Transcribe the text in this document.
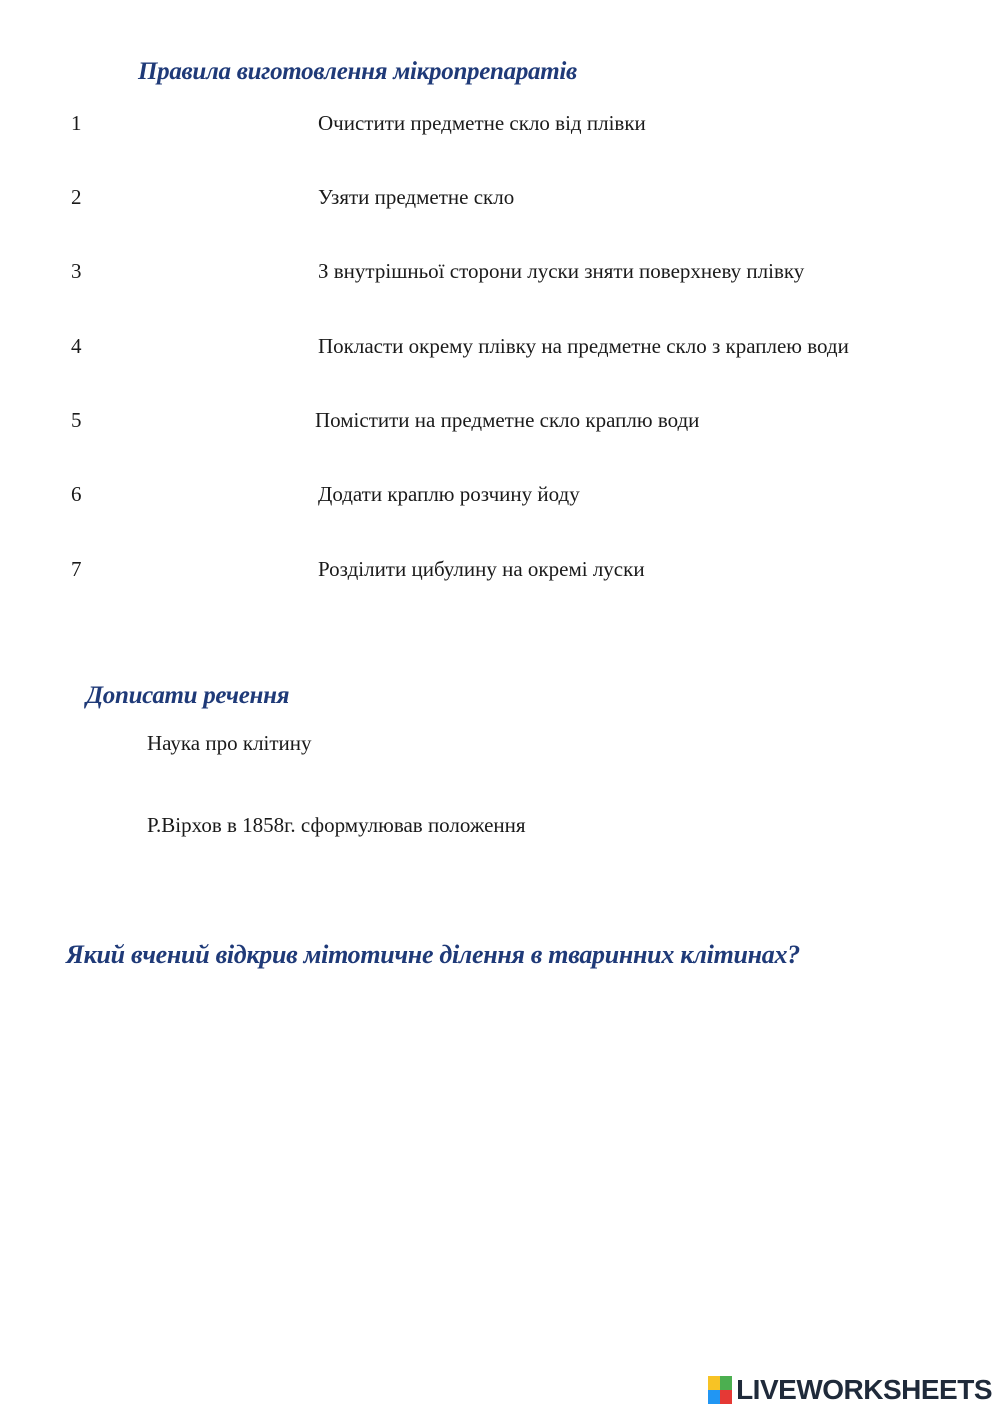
Правила виготовлення мікропрепаратів
1	Очистити предметне скло від плівки
2	Узяти предметне скло
3	З внутрішньої сторони луски зняти поверхневу плівку
4	Покласти окрему плівку на предметне скло з краплею води
5	Помістити на предметне скло краплю води
6	Додати краплю розчину йоду
7	Розділити цибулину на окремі луски
Дописати речення
Наука про клітину
Р.Вірхов в 1858г. сформулював положення
Який вчений відкрив мітотичне ділення в тваринних клітинах?
LIVEWORKSHEETS
